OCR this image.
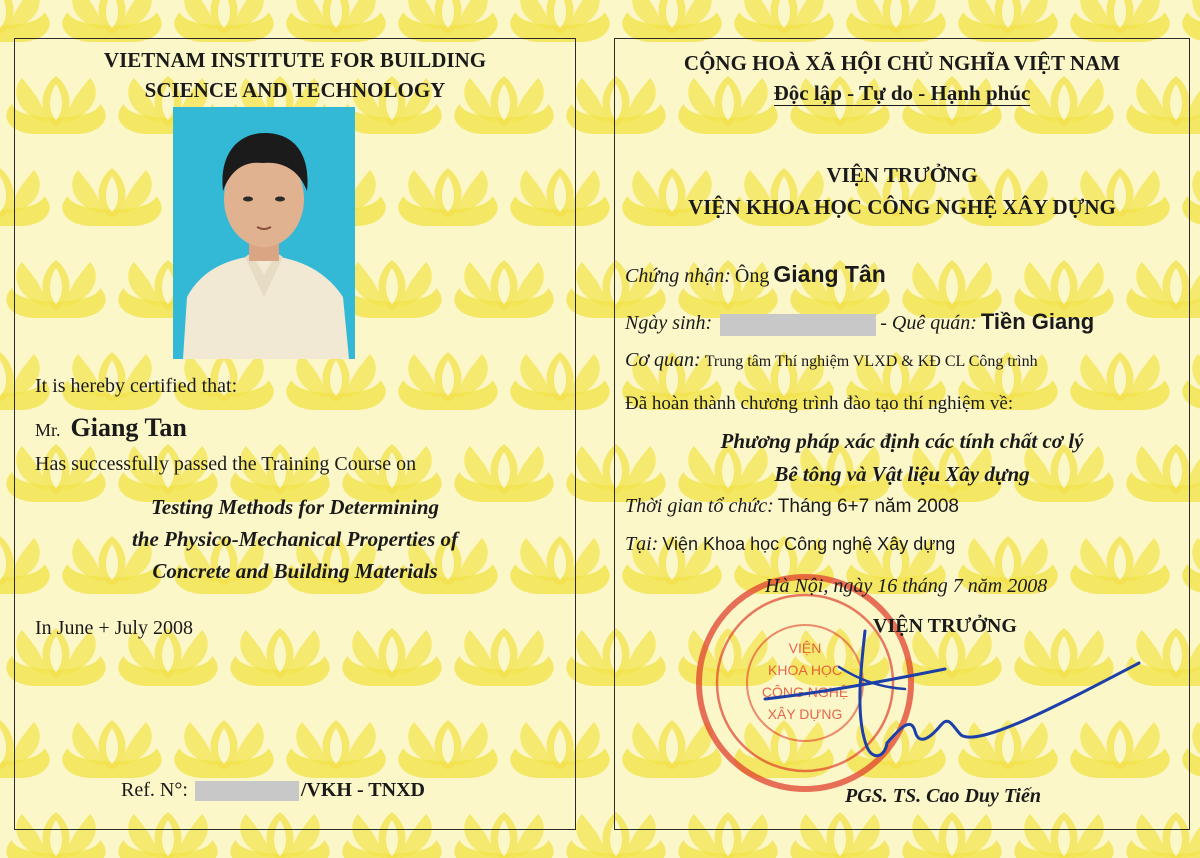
VIETNAM INSTITUTE FOR BUILDING
SCIENCE AND TECHNOLOGY
It is hereby certified that:
Mr. Giang Tan
Has successfully passed the Training Course on
Testing Methods for Determining
the Physico-Mechanical Properties of
Concrete and Building Materials
In June + July 2008
Ref. N°:	/VKH - TNXD
CỘNG HOÀ XÃ HỘI CHỦ NGHĨA VIỆT NAM
Độc lập - Tự do - Hạnh phúc
VIỆN TRƯỞNG
VIỆN KHOA HỌC CÔNG NGHỆ XÂY DỰNG
Chứng nhận: Ông Giang Tân
Ngày sinh:	- Quê quán: Tiền Giang
Cơ quan: Trung tâm Thí nghiệm VLXD & KĐ CL Công trình
Đã hoàn thành chương trình đào tạo thí nghiệm về:
Phương pháp xác định các tính chất cơ lý
Bê tông và Vật liệu Xây dựng
Thời gian tổ chức: Tháng 6+7 năm 2008
Tại: Viện Khoa học Công nghệ Xây dựng
VIỆN
KHOA HỌC
CÔNG NGHỆ
XÂY DỰNG
Hà Nội, ngày 16 tháng 7 năm 2008
VIỆN TRƯỞNG
PGS. TS. Cao Duy Tiến
